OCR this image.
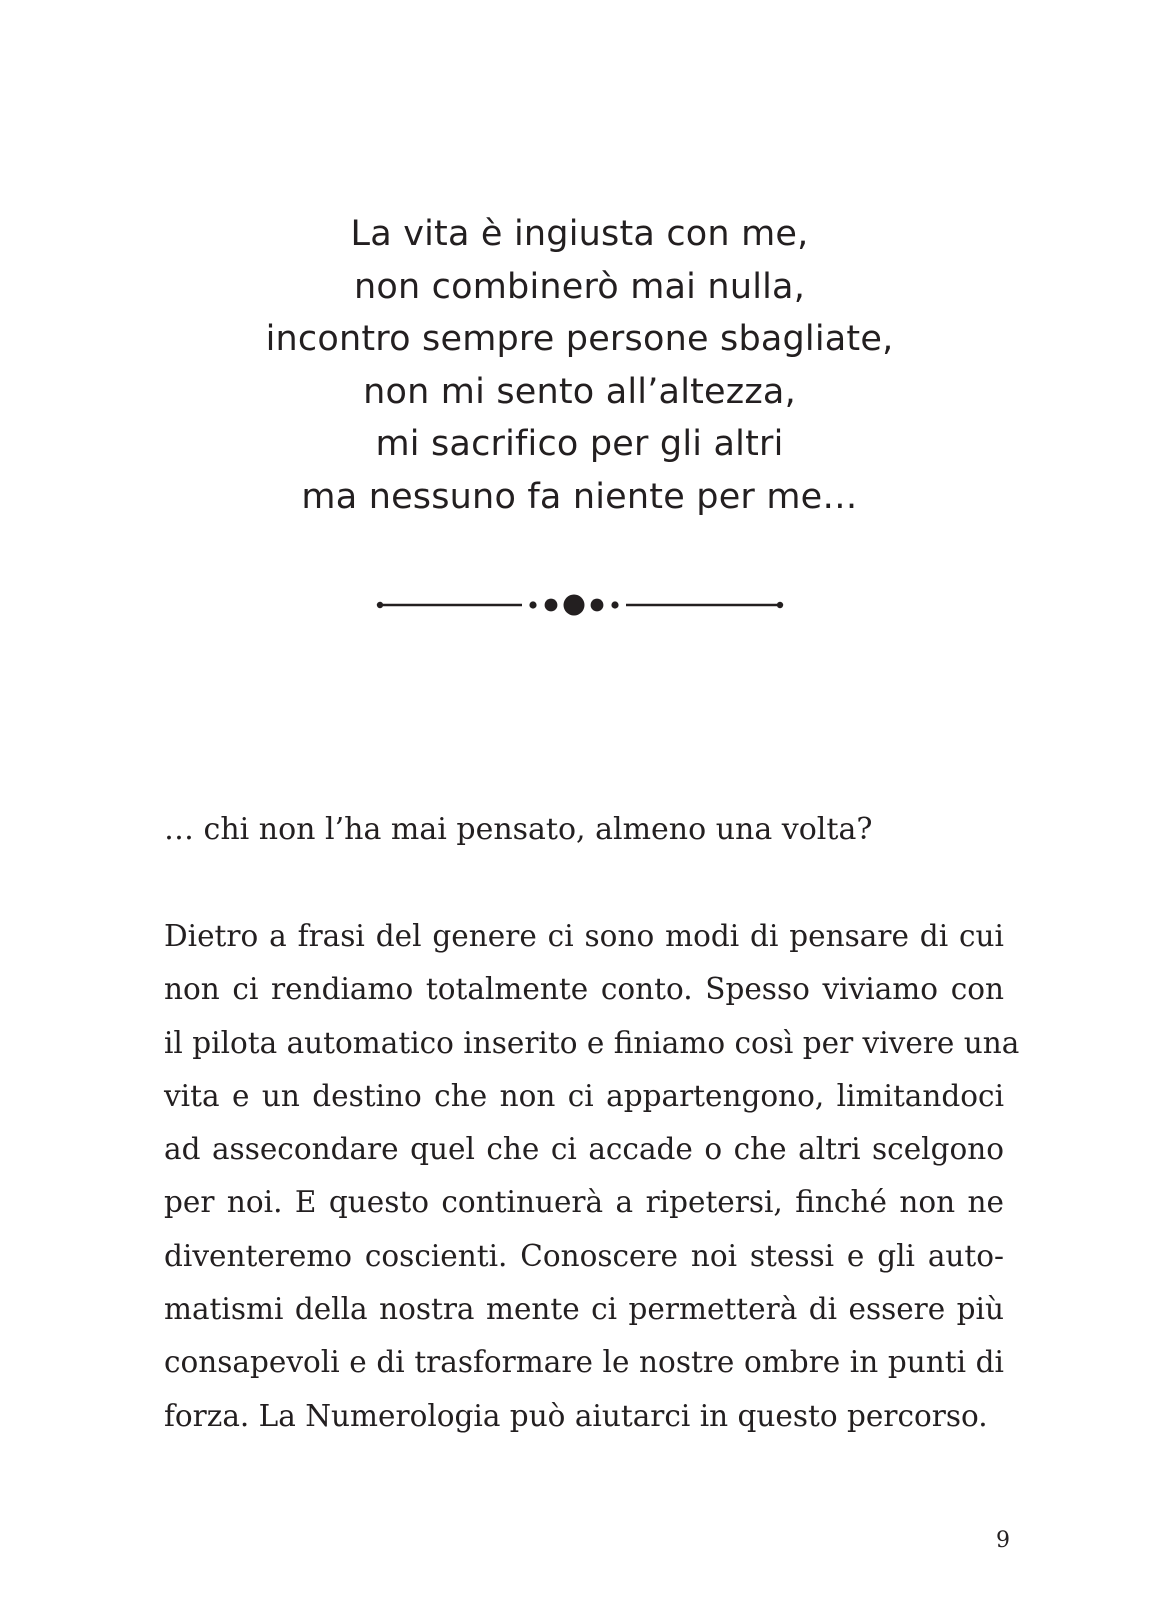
La vita è ingiusta con me,
non combinerò mai nulla,
incontro sempre persone sbagliate,
non mi sento all’altezza,
mi sacrifico per gli altri
ma nessuno fa niente per me…

… chi non l’ha mai pensato, almeno una volta?

Dietro a frasi del genere ci sono modi di pensare di cui
non ci rendiamo totalmente conto. Spesso viviamo con
il pilota automatico inserito e finiamo così per vivere una
vita e un destino che non ci appartengono, limitandoci
ad assecondare quel che ci accade o che altri scelgono
per noi. E questo continuerà a ripetersi, finché non ne
diventeremo coscienti. Conoscere noi stessi e gli auto-
matismi della nostra mente ci permetterà di essere più
consapevoli e di trasformare le nostre ombre in punti di
forza. La Numerologia può aiutarci in questo percorso.
9
